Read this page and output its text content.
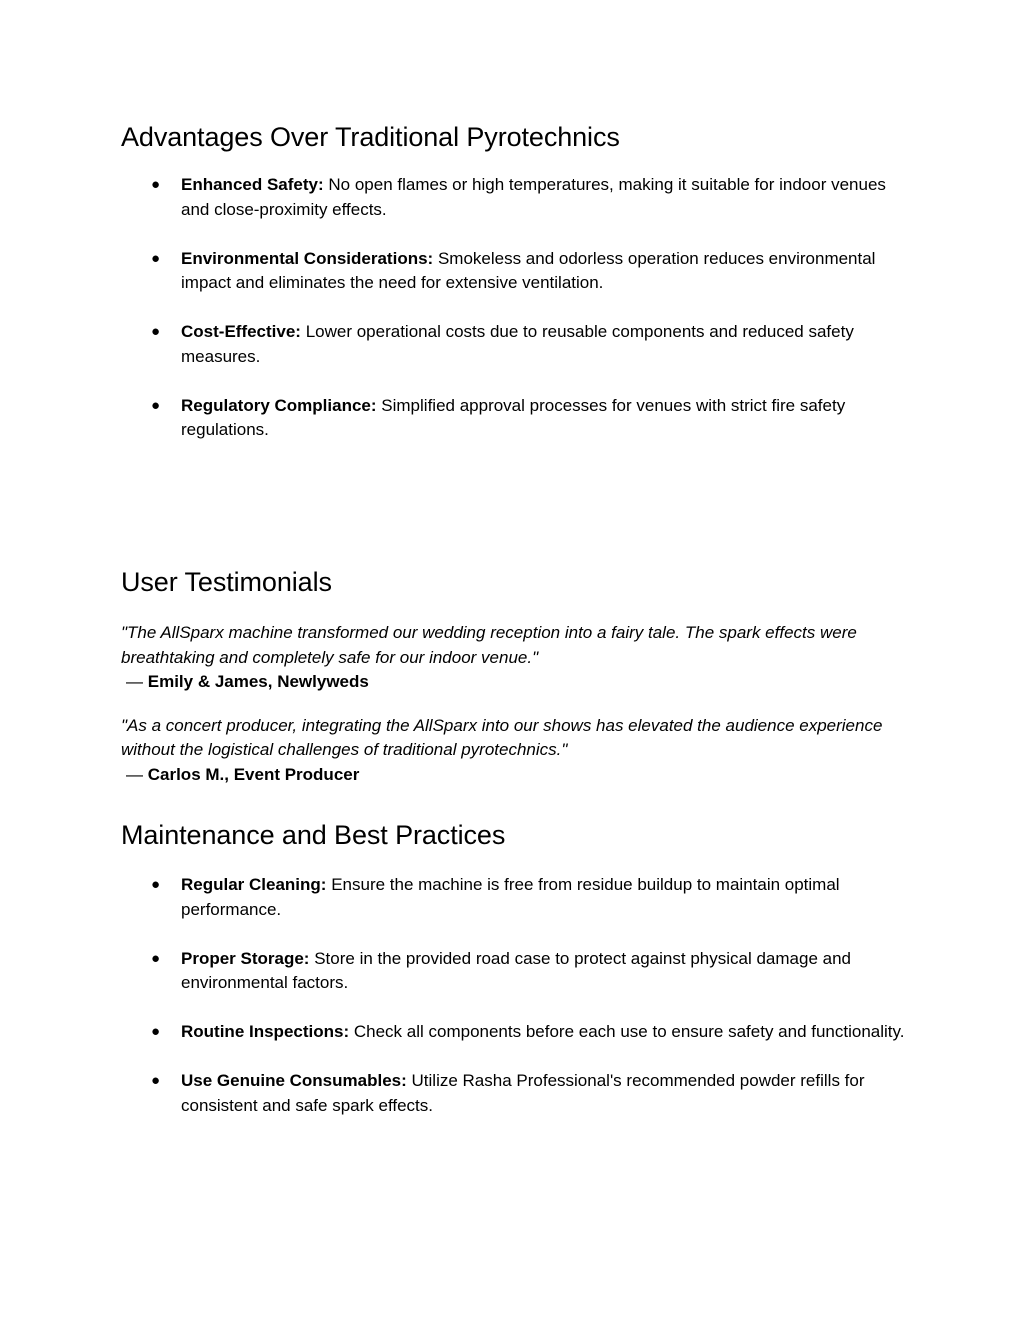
Advantages Over Traditional Pyrotechnics
● Enhanced Safety: No open flames or high temperatures, making it suitable for indoor venues and close-proximity effects.
● Environmental Considerations: Smokeless and odorless operation reduces environmental impact and eliminates the need for extensive ventilation.
● Cost-Effective: Lower operational costs due to reusable components and reduced safety measures.
● Regulatory Compliance: Simplified approval processes for venues with strict fire safety regulations.
User Testimonials
"The AllSparx machine transformed our wedding reception into a fairy tale. The spark effects were breathtaking and completely safe for our indoor venue."
— Emily & James, Newlyweds
"As a concert producer, integrating the AllSparx into our shows has elevated the audience experience without the logistical challenges of traditional pyrotechnics."
— Carlos M., Event Producer
Maintenance and Best Practices
● Regular Cleaning: Ensure the machine is free from residue buildup to maintain optimal performance.
● Proper Storage: Store in the provided road case to protect against physical damage and environmental factors.
● Routine Inspections: Check all components before each use to ensure safety and functionality.
● Use Genuine Consumables: Utilize Rasha Professional's recommended powder refills for consistent and safe spark effects.
